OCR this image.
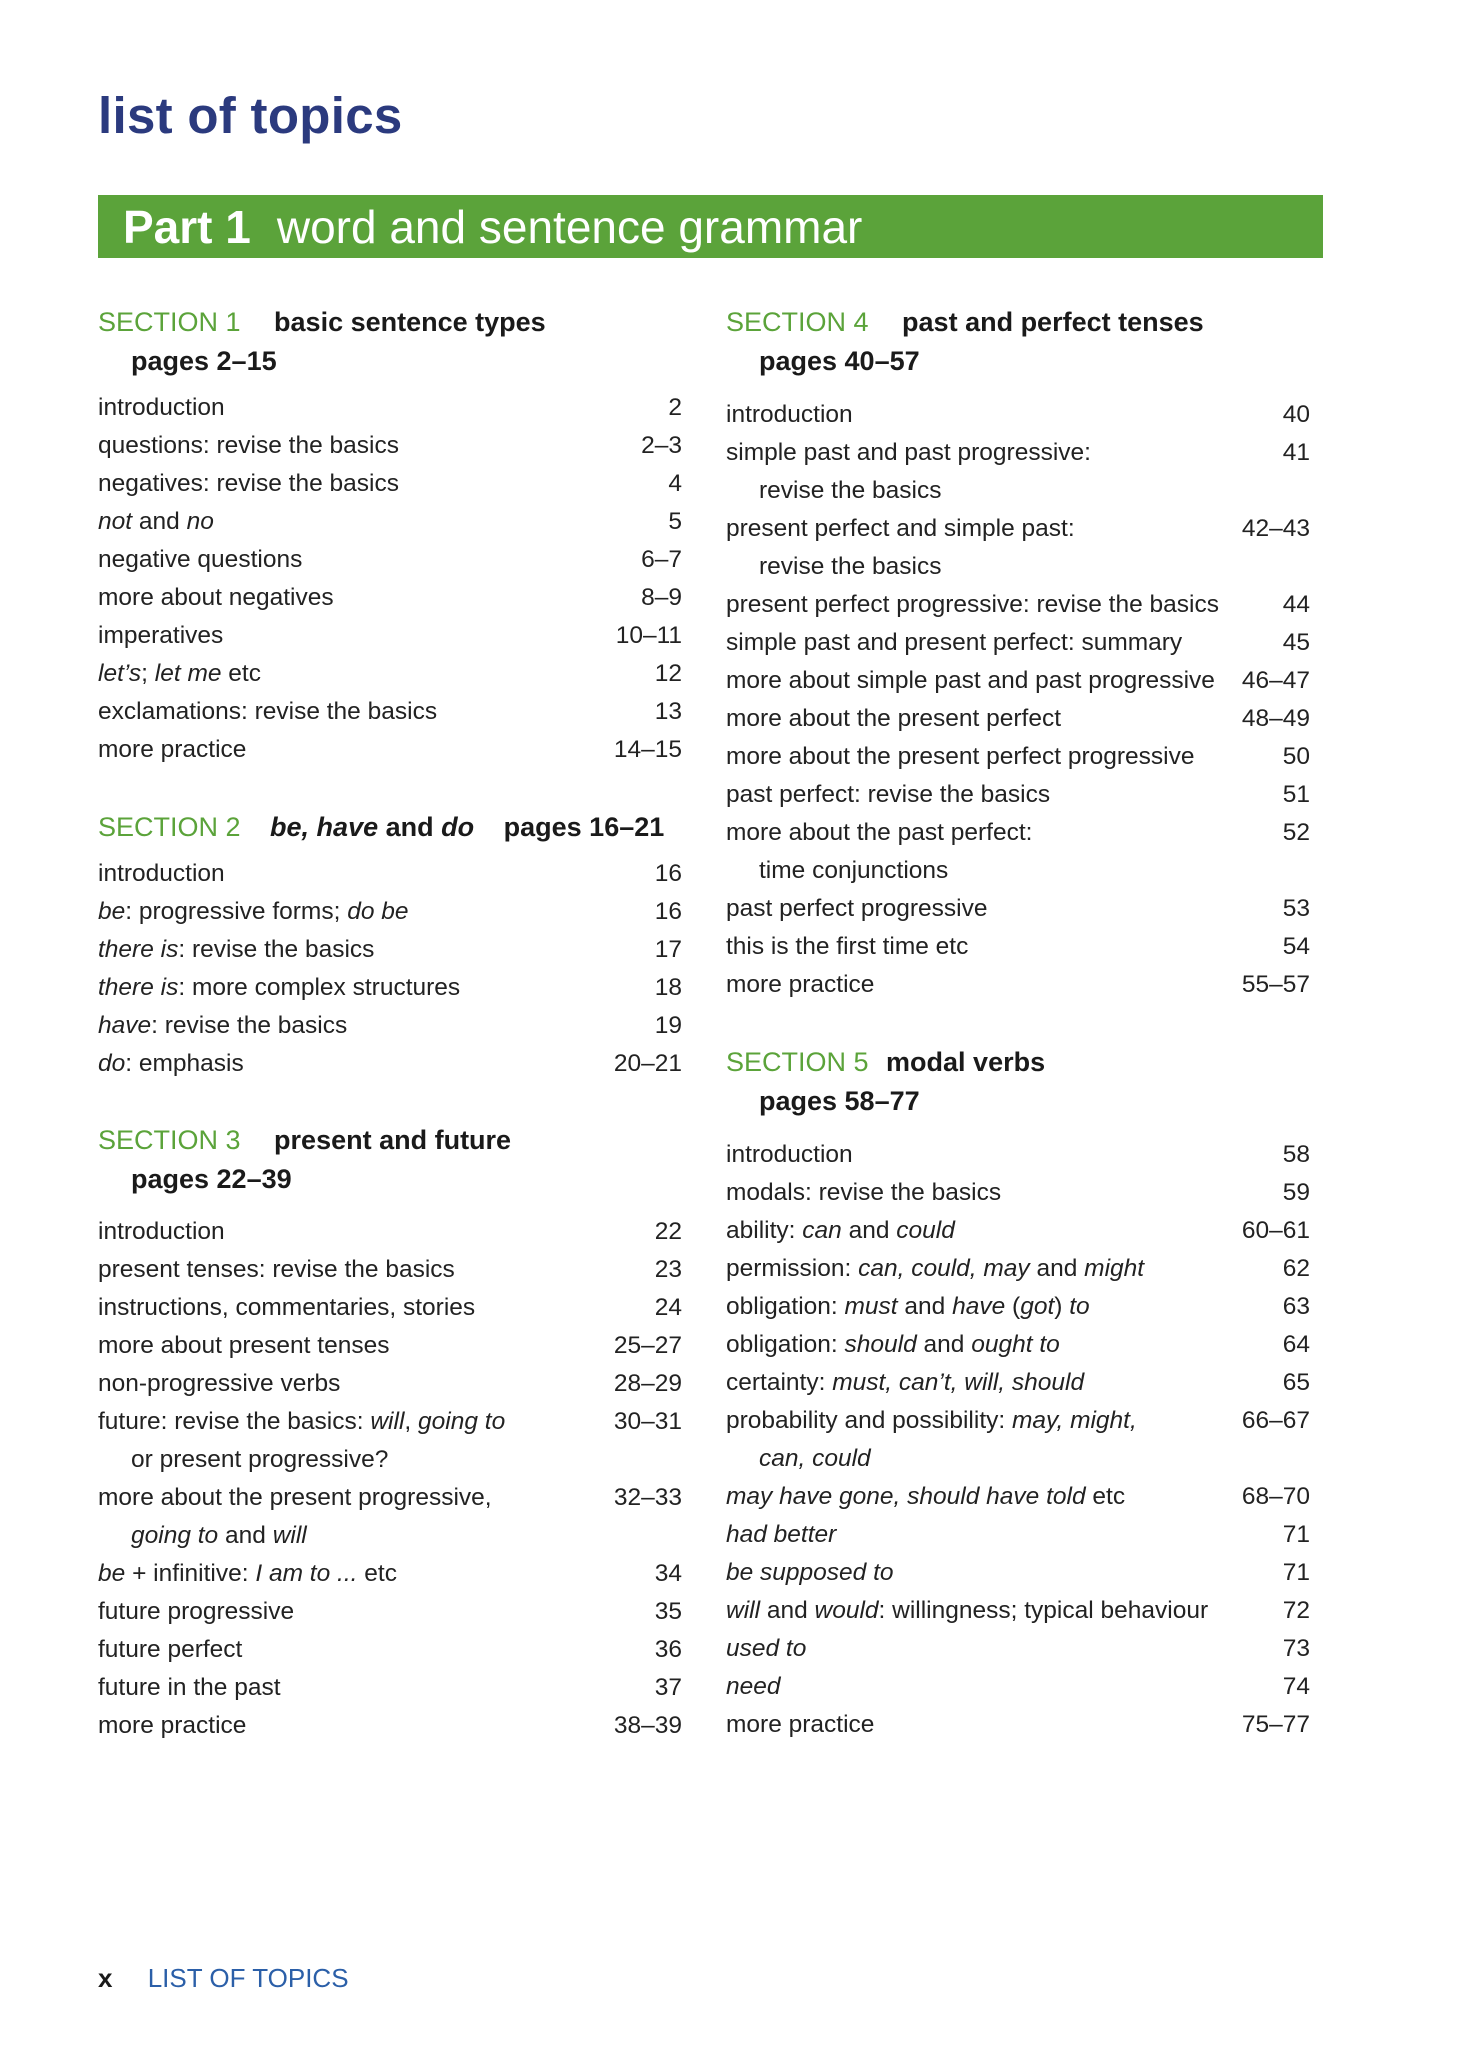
list of topics
Part 1 word and sentence grammar
SECTION 1 basic sentence types
pages 2–15
introduction	2
questions: revise the basics	2–3
negatives: revise the basics	4
not and no	5
negative questions	6–7
more about negatives	8–9
imperatives	10–11
let’s; let me etc	12
exclamations: revise the basics	13
more practice	14–15
SECTION 2 be, have and do pages 16–21
introduction	16
be: progressive forms; do be	16
there is: revise the basics	17
there is: more complex structures	18
have: revise the basics	19
do: emphasis	20–21
SECTION 3 present and future
pages 22–39
introduction	22
present tenses: revise the basics	23
instructions, commentaries, stories	24
more about present tenses	25–27
non-progressive verbs	28–29
future: revise the basics: will, going to	30–31
or present progressive?
more about the present progressive,	32–33
going to and will
be + infinitive: I am to ... etc	34
future progressive	35
future perfect	36
future in the past	37
more practice	38–39
SECTION 4 past and perfect tenses
pages 40–57
introduction	40
simple past and past progressive:	41
revise the basics
present perfect and simple past:	42–43
revise the basics
present perfect progressive: revise the basics	44
simple past and present perfect: summary	45
more about simple past and past progressive	46–47
more about the present perfect	48–49
more about the present perfect progressive	50
past perfect: revise the basics	51
more about the past perfect:	52
time conjunctions
past perfect progressive	53
this is the first time etc	54
more practice	55–57
SECTION 5 modal verbs
pages 58–77
introduction	58
modals: revise the basics	59
ability: can and could	60–61
permission: can, could, may and might	62
obligation: must and have (got) to	63
obligation: should and ought to	64
certainty: must, can’t, will, should	65
probability and possibility: may, might,	66–67
can, could
may have gone, should have told etc	68–70
had better	71
be supposed to	71
will and would: willingness; typical behaviour	72
used to	73
need	74
more practice	75–77
x LIST OF TOPICS
